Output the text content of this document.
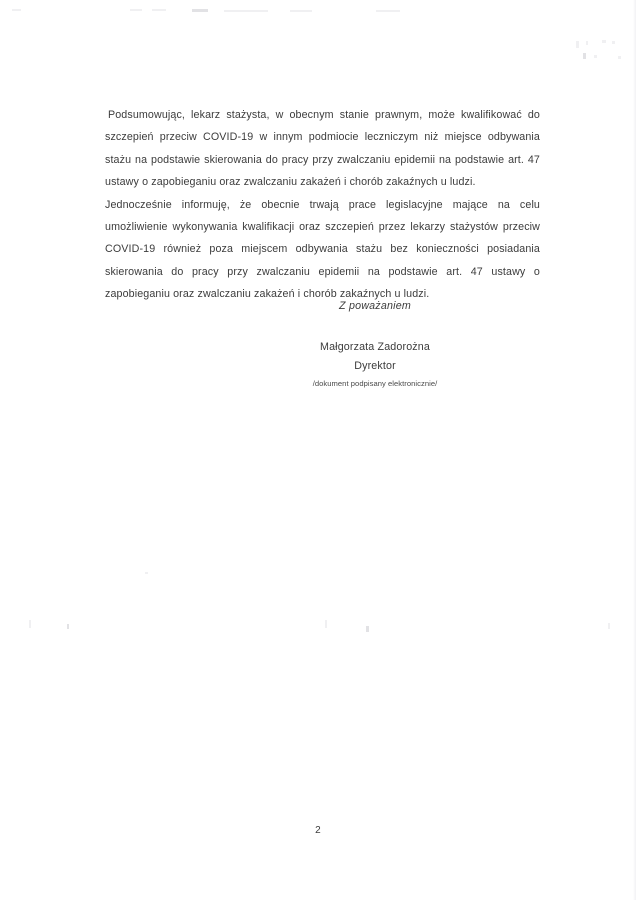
Podsumowując, lekarz stażysta, w obecnym stanie prawnym, może kwalifikować do szczepień przeciw COVID-19 w innym podmiocie leczniczym niż miejsce odbywania stażu na podstawie skierowania do pracy przy zwalczaniu epidemii na podstawie art. 47 ustawy o zapobieganiu oraz zwalczaniu zakażeń i chorób zakaźnych u ludzi.

Jednocześnie informuję, że obecnie trwają prace legislacyjne mające na celu umożliwienie wykonywania kwalifikacji oraz szczepień przez lekarzy stażystów przeciw COVID-19 również poza miejscem odbywania stażu bez konieczności posiadania skierowania do pracy przy zwalczaniu epidemii na podstawie art. 47 ustawy o zapobieganiu oraz zwalczaniu zakażeń i chorób zakaźnych u ludzi.

Z poważaniem
Małgorzata Zadorożna
Dyrektor
/dokument podpisany elektronicznie/
2
